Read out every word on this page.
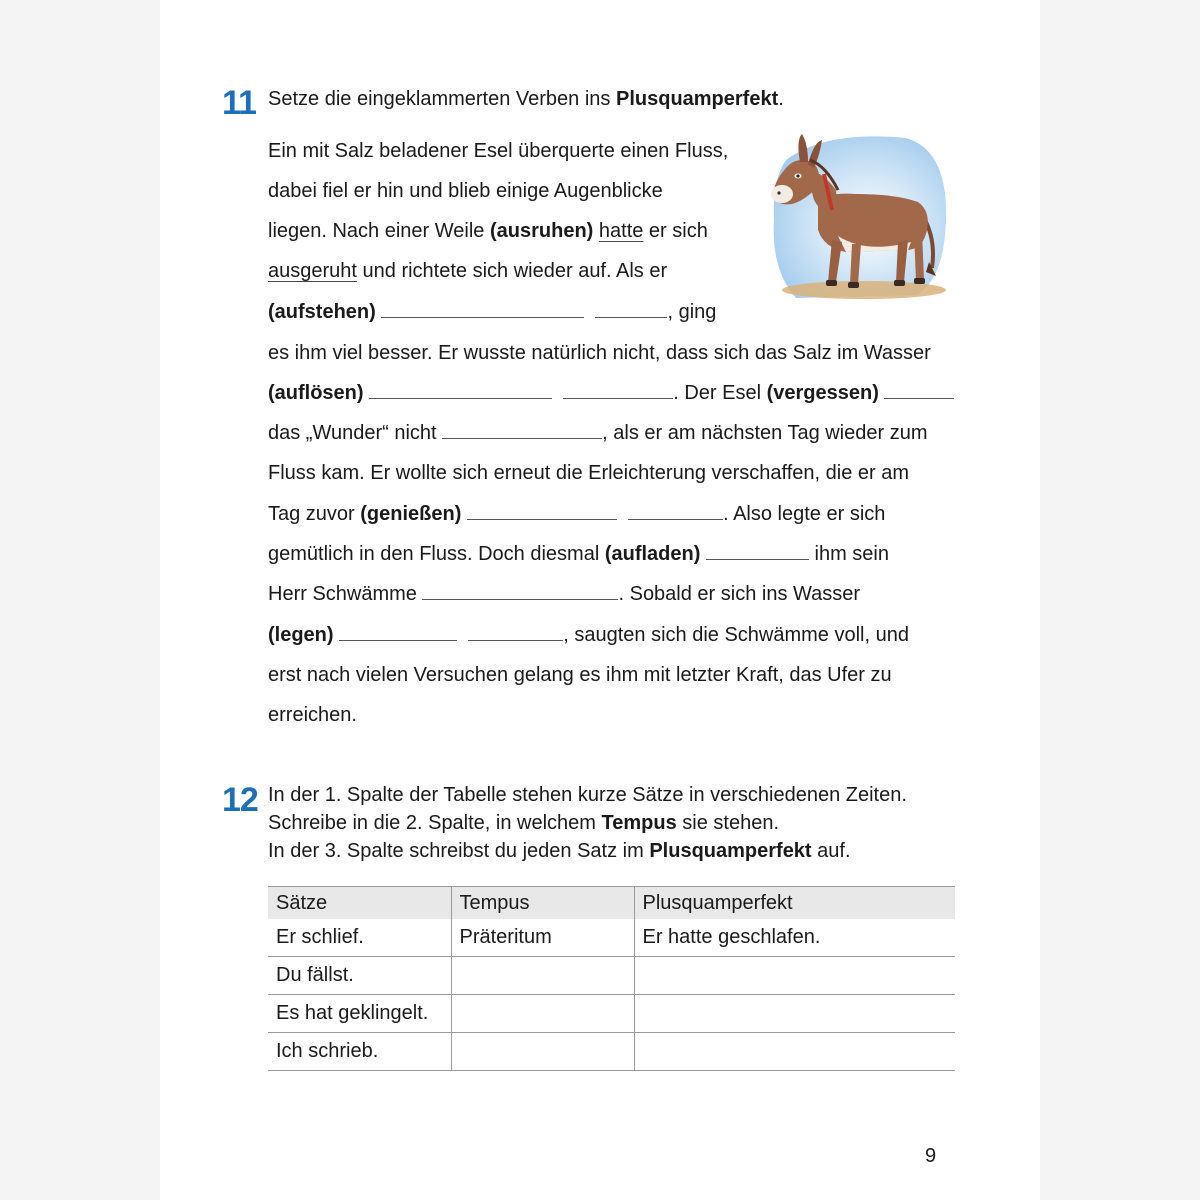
11 Setze die eingeklammerten Verben ins Plusquamperfekt.
Ein mit Salz beladener Esel überquerte einen Fluss,
dabei fiel er hin und blieb einige Augenblicke
liegen. Nach einer Weile (ausruhen) hatte er sich
ausgeruht und richtete sich wieder auf. Als er
(aufstehen)	, ging
es ihm viel besser. Er wusste natürlich nicht, dass sich das Salz im Wasser
(auflösen)	. Der Esel (vergessen)
das „Wunder“ nicht	, als er am nächsten Tag wieder zum
Fluss kam. Er wollte sich erneut die Erleichterung verschaffen, die er am
Tag zuvor (genießen)	. Also legte er sich
gemütlich in den Fluss. Doch diesmal (aufladen)	ihm sein
Herr Schwämme	. Sobald er sich ins Wasser
(legen)	, saugten sich die Schwämme voll, und
erst nach vielen Versuchen gelang es ihm mit letzter Kraft, das Ufer zu
erreichen.
12 In der 1. Spalte der Tabelle stehen kurze Sätze in verschiedenen Zeiten.
Schreibe in die 2. Spalte, in welchem Tempus sie stehen.
In der 3. Spalte schreibst du jeden Satz im Plusquamperfekt auf.
Sätze	Tempus	Plusquamperfekt
Er schlief.	Präteritum	Er hatte geschlafen.
Du fällst.		
Es hat geklingelt.		
Ich schrieb.		
9
